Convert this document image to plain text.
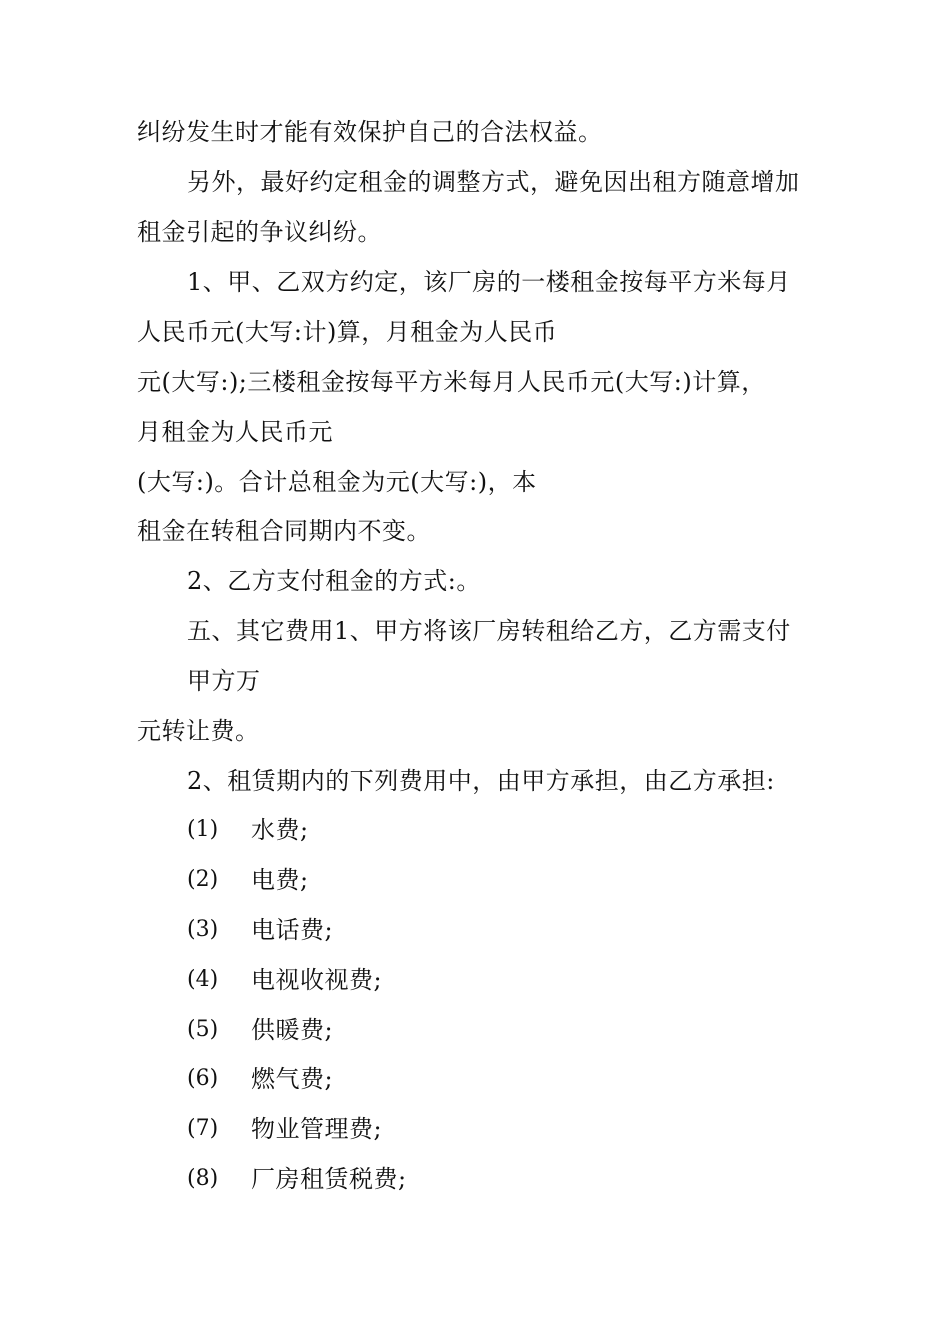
纠纷发生时才能有效保护自己的合法权益。
另外，最好约定租金的调整方式，避免因出租方随意增加
租金引起的争议纠纷。
1、甲、乙双方约定，该厂房的一楼租金按每平方米每月
人民币元(大写:计)算，月租金为人民币
元(大写:);三楼租金按每平方米每月人民币元(大写:)计算，
月租金为人民币元
(大写:)。合计总租金为元(大写:)，本
租金在转租合同期内不变。
2、乙方支付租金的方式:。
五、其它费用1、甲方将该厂房转租给乙方，乙方需支付
甲方万
元转让费。
2、租赁期内的下列费用中，由甲方承担，由乙方承担:
(1) 水费;
(2) 电费;
(3) 电话费;
(4) 电视收视费;
(5) 供暖费;
(6) 燃气费;
(7) 物业管理费;
(8) 厂房租赁税费;
